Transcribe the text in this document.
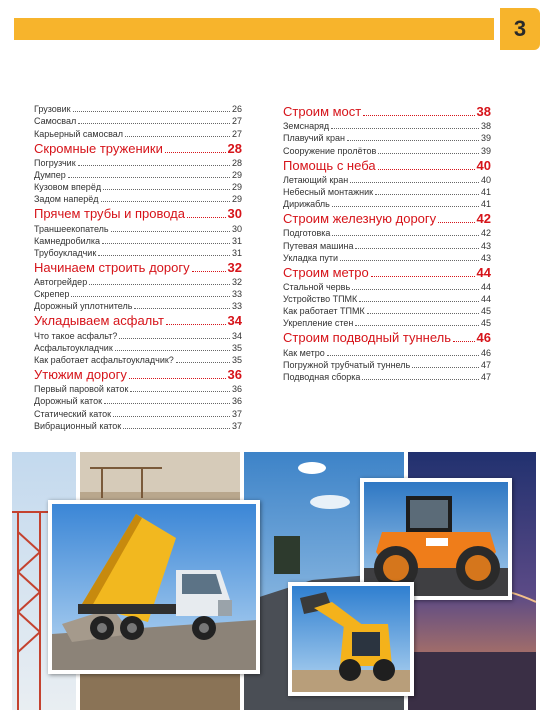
3
Грузовик	26
Самосвал	27
Карьерный самосвал	27
Скромные труженики	28
Погрузчик	28
Думпер	29
Кузовом вперёд	29
Задом наперёд	29
Прячем трубы и провода	30
Траншеекопатель	30
Камнедробилка	31
Трубоукладчик	31
Начинаем строить дорогу	32
Автогрейдер	32
Скрепер	33
Дорожный уплотнитель	33
Укладываем асфальт	34
Что такое асфальт?	34
Асфальтоукладчик	35
Как работает асфальтоукладчик?	35
Утюжим дорогу	36
Первый паровой каток	36
Дорожный каток	36
Статический каток	37
Вибрационный каток	37
Строим мост	38
Земснаряд	38
Плавучий кран	39
Сооружение пролётов	39
Помощь с неба	40
Летающий кран	40
Небесный монтажник	41
Дирижабль	41
Строим железную дорогу	42
Подготовка	42
Путевая машина	43
Укладка пути	43
Строим метро	44
Стальной червь	44
Устройство ТПМК	44
Как работает ТПМК	45
Укрепление стен	45
Строим подводный туннель 46
Как метро	46
Погружной трубчатый туннель	47
Подводная сборка	47
